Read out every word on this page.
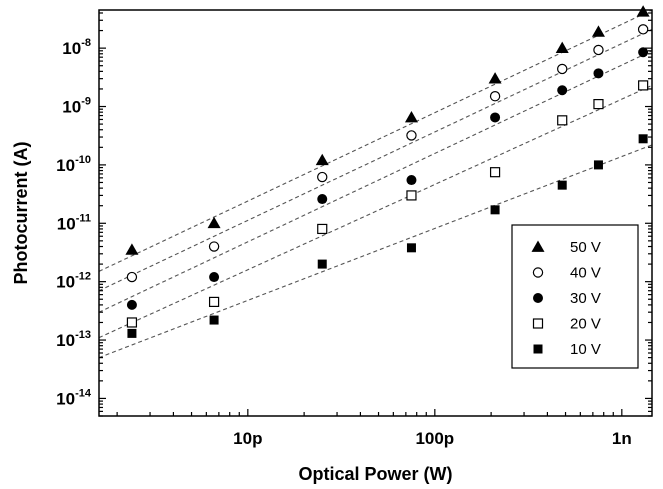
10p	100p	1n
$10^{-14}$
$10^{-13}$
$10^{-12}$
$10^{-11}$
$10^{-10}$
$10^{-9}$
$10^{-8}$
Optical Power (W)
Photocurrent (A)	50 V
40 V
30 V
20 V
10 V
